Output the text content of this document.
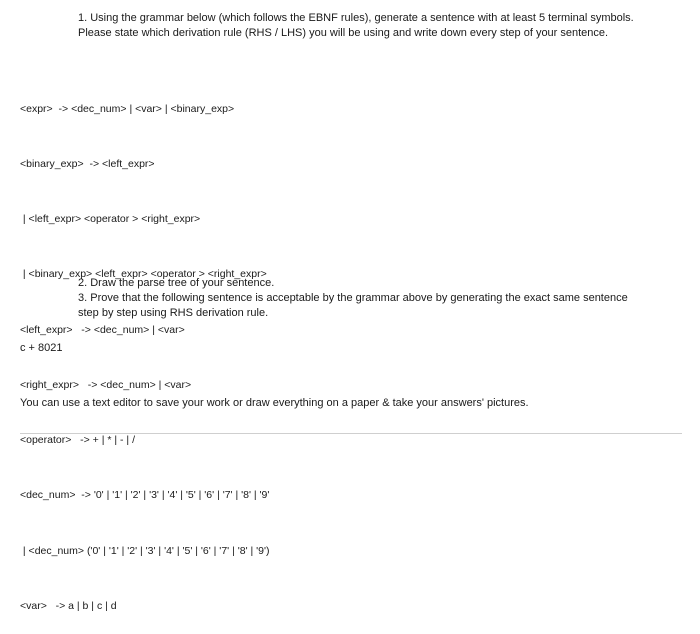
1. Using the grammar below (which follows the EBNF rules), generate a sentence with at least 5 terminal symbols.
Please state which derivation rule (RHS / LHS) you will be using and write down every step of your sentence.

<expr>  -> <dec_num> | <var> | <binary_exp>

<binary_exp>  -> <left_expr>

| <left_expr> <operator > <right_expr>

| <binary_exp> <left_expr> <operator > <right_expr>

<left_expr>   -> <dec_num> | <var>

<right_expr>   -> <dec_num> | <var>

<operator>   -> + | * | - | /

<dec_num>  -> '0' | '1' | '2' | '3' | '4' | '5' | '6' | '7' | '8' | '9'

| <dec_num> ('0' | '1' | '2' | '3' | '4' | '5' | '6' | '7' | '8' | '9')

<var>   -> a | b | c | d

2. Draw the parse tree of your sentence.
3. Prove that the following sentence is acceptable by the grammar above by generating the exact same sentence
step by step using RHS derivation rule.
c + 8021
You can use a text editor to save your work or draw everything on a paper & take your answers' pictures.
